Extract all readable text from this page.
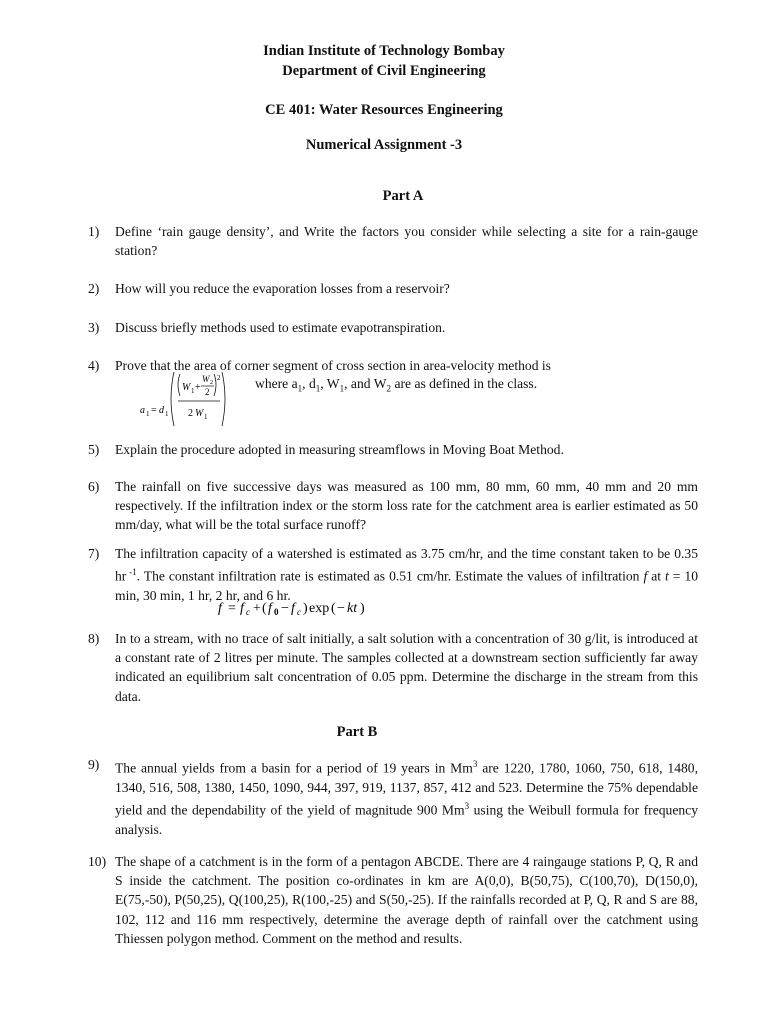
Indian Institute of Technology Bombay
Department of Civil Engineering
CE 401: Water Resources Engineering
Numerical Assignment -3
Part A
1)	Define ‘rain gauge density’, and Write the factors you consider while selecting a site for a rain-gauge station?
2)	How will you reduce the evaporation losses from a reservoir?
3)	Discuss briefly methods used to estimate evapotranspiration.
4)	Prove that the area of corner segment of cross section in area-velocity method is
a 1 = d 1
W 1 +
W 2
2
2
2 W 1
where $a_1$, $d_1$, $W_1$, and $W_2$ are as defined in the class.
5)	Explain the procedure adopted in measuring streamflows in Moving Boat Method.
6)	The rainfall on five successive days was measured as 100 mm, 80 mm, 60 mm, 40 mm and 20 mm respectively. If the infiltration index or the storm loss rate for the catchment area is earlier estimated as 50 mm/day, what will be the total surface runoff?
7)	The infiltration capacity of a watershed is estimated as 3.75 cm/hr, and the time constant taken to be 0.35 hr $^{-1}$. The constant infiltration rate is estimated as 0.51 cm/hr. Estimate the values of infiltration f at t = 10 min, 30 min, 1 hr, 2 hr, and 6 hr.
f = f c + ( f 0 − f c ) exp ( − kt )
8)	In to a stream, with no trace of salt initially, a salt solution with a concentration of 30 g/lit, is introduced at a constant rate of 2 litres per minute. The samples collected at a downstream section sufficiently far away indicated an equilibrium salt concentration of 0.05 ppm. Determine the discharge in the stream from this data.
Part B
9)	The annual yields from a basin for a period of 19 years in Mm$^3$ are 1220, 1780, 1060, 750, 618, 1480, 1340, 516, 508, 1380, 1450, 1090, 944, 397, 919, 1137, 857, 412 and 523. Determine the 75% dependable yield and the dependability of the yield of magnitude 900 Mm$^3$ using the Weibull formula for frequency analysis.
10) The shape of a catchment is in the form of a pentagon ABCDE. There are 4 raingauge stations P, Q, R and S inside the catchment. The position co-ordinates in km are A(0,0), B(50,75), C(100,70), D(150,0), E(75,-50), P(50,25), Q(100,25), R(100,-25) and S(50,-25). If the rainfalls recorded at P, Q, R and S are 88, 102, 112 and 116 mm respectively, determine the average depth of rainfall over the catchment using Thiessen polygon method. Comment on the method and results.
